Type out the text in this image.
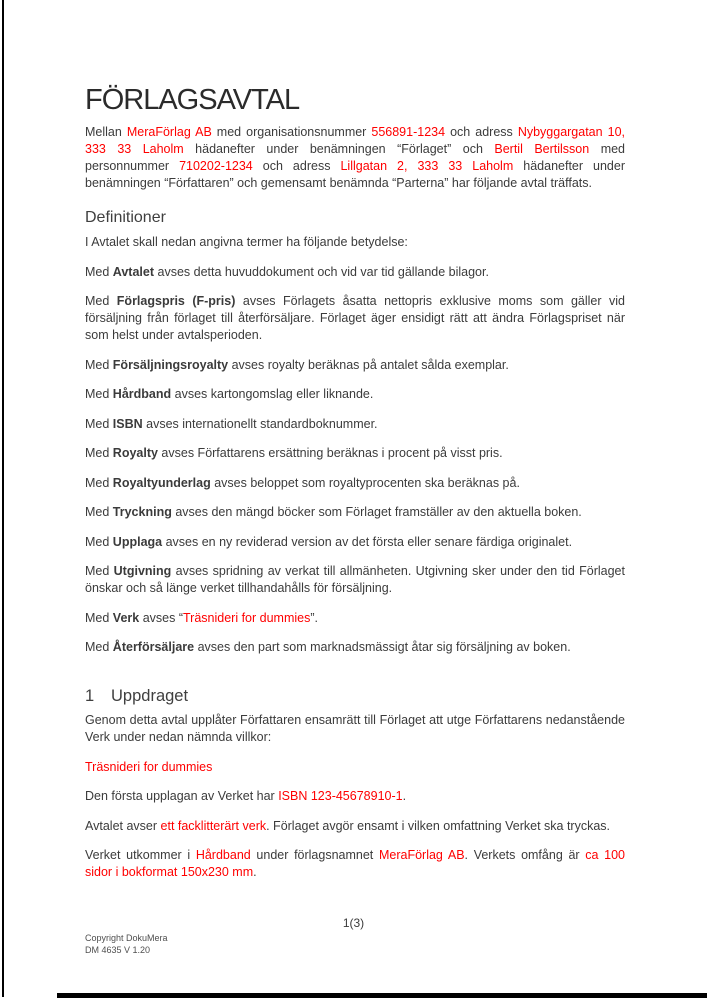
FÖRLAGSAVTAL

Mellan MeraFörlag AB med organisationsnummer 556891-1234 och adress Nybyggargatan 10, 333 33 Laholm hädanefter under benämningen “Förlaget” och Bertil Bertilsson med personnummer 710202-1234 och adress Lillgatan 2, 333 33 Laholm hädanefter under benämningen “Författaren” och gemensamt benämnda “Parterna” har följande avtal träffats.

Definitioner

I Avtalet skall nedan angivna termer ha följande betydelse:

Med Avtalet avses detta huvuddokument och vid var tid gällande bilagor.

Med Förlagspris (F-pris) avses Förlagets åsatta nettopris exklusive moms som gäller vid försäljning från förlaget till återförsäljare. Förlaget äger ensidigt rätt att ändra Förlagspriset när som helst under avtalsperioden.

Med Försäljningsroyalty avses royalty beräknas på antalet sålda exemplar.

Med Hårdband avses kartongomslag eller liknande.

Med ISBN avses internationellt standardboknummer.

Med Royalty avses Författarens ersättning beräknas i procent på visst pris.

Med Royaltyunderlag avses beloppet som royaltyprocenten ska beräknas på.

Med Tryckning avses den mängd böcker som Förlaget framställer av den aktuella boken.

Med Upplaga avses en ny reviderad version av det första eller senare färdiga originalet.

Med Utgivning avses spridning av verkat till allmänheten. Utgivning sker under den tid Förlaget önskar och så länge verket tillhandahålls för försäljning.

Med Verk avses “Träsnideri for dummies”.

Med Återförsäljare avses den part som marknadsmässigt åtar sig försäljning av boken.

1 Uppdraget

Genom detta avtal upplåter Författaren ensamrätt till Förlaget att utge Författarens nedanstående Verk under nedan nämnda villkor:

Träsnideri for dummies

Den första upplagan av Verket har ISBN 123-45678910-1.

Avtalet avser ett facklitterärt verk. Förlaget avgör ensamt i vilken omfattning Verket ska tryckas.

Verket utkommer i Hårdband under förlagsnamnet MeraFörlag AB. Verkets omfång är ca 100 sidor i bokformat 150x230 mm.

1(3)
Copyright DokuMera
DM 4635 V 1.20
